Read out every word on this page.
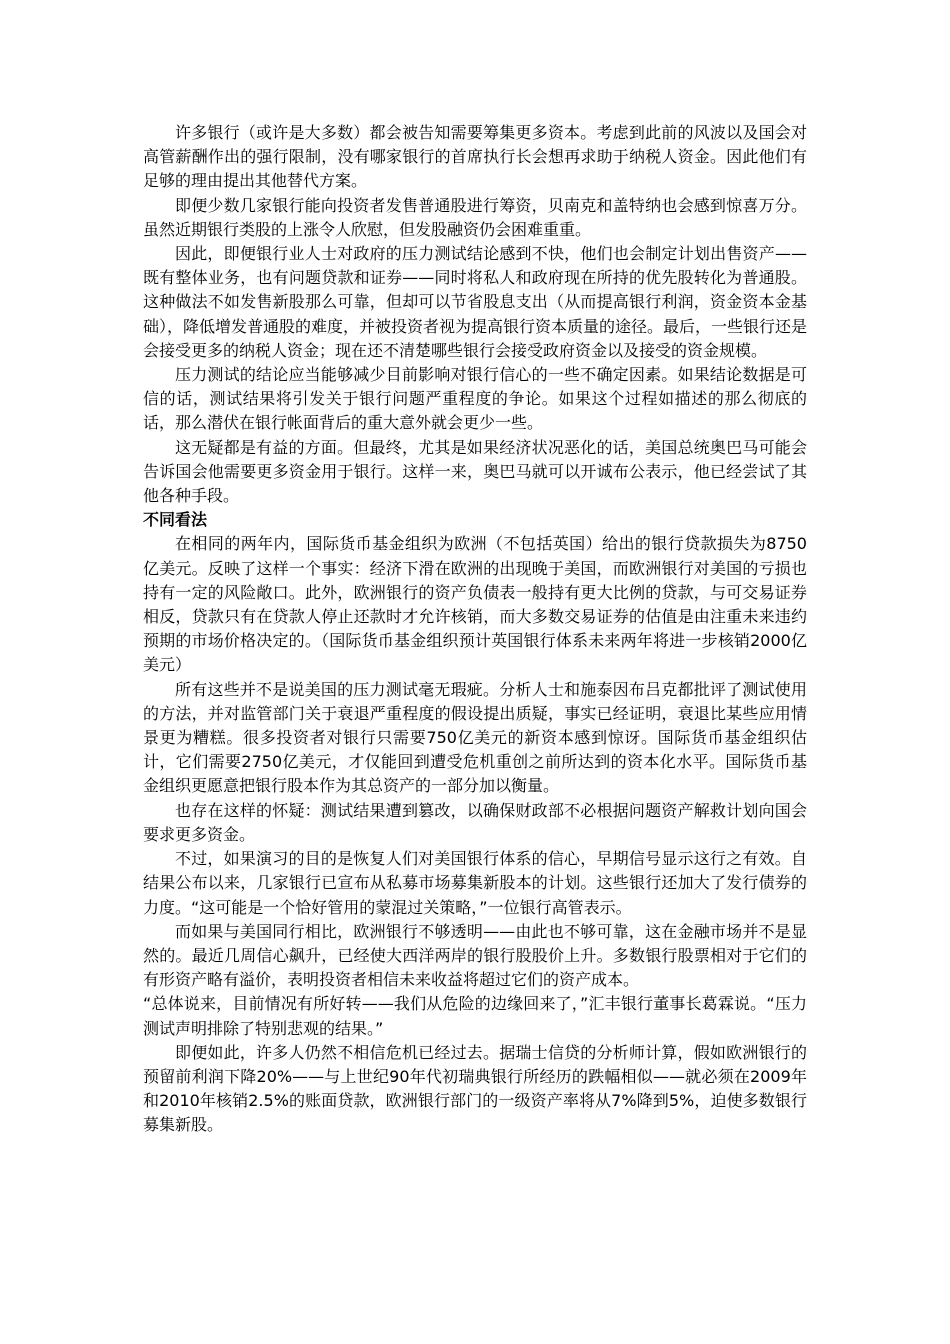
许多银行（或许是大多数）都会被告知需要筹集更多资本。考虑到此前的风波以及国会对高管薪酬作出的强行限制，没有哪家银行的首席执行长会想再求助于纳税人资金。因此他们有足够的理由提出其他替代方案。

即便少数几家银行能向投资者发售普通股进行筹资，贝南克和盖特纳也会感到惊喜万分。虽然近期银行类股的上涨令人欣慰，但发股融资仍会困难重重。

因此，即便银行业人士对政府的压力测试结论感到不快，他们也会制定计划出售资产——既有整体业务，也有问题贷款和证券——同时将私人和政府现在所持的优先股转化为普通股。这种做法不如发售新股那么可靠，但却可以节省股息支出（从而提高银行利润，资金资本金基础），降低增发普通股的难度，并被投资者视为提高银行资本质量的途径。最后，一些银行还是会接受更多的纳税人资金；现在还不清楚哪些银行会接受政府资金以及接受的资金规模。

压力测试的结论应当能够减少目前影响对银行信心的一些不确定因素。如果结论数据是可信的话，测试结果将引发关于银行问题严重程度的争论。如果这个过程如描述的那么彻底的话，那么潜伏在银行帐面背后的重大意外就会更少一些。

这无疑都是有益的方面。但最终，尤其是如果经济状况恶化的话，美国总统奥巴马可能会告诉国会他需要更多资金用于银行。这样一来，奥巴马就可以开诚布公表示，他已经尝试了其他各种手段。

不同看法

在相同的两年内，国际货币基金组织为欧洲（不包括英国）给出的银行贷款损失为8750亿美元。反映了这样一个事实：经济下滑在欧洲的出现晚于美国，而欧洲银行对美国的亏损也持有一定的风险敞口。此外，欧洲银行的资产负债表一般持有更大比例的贷款，与可交易证券相反，贷款只有在贷款人停止还款时才允许核销，而大多数交易证券的估值是由注重未来违约预期的市场价格决定的。（国际货币基金组织预计英国银行体系未来两年将进一步核销2000亿美元）

所有这些并不是说美国的压力测试毫无瑕疵。分析人士和施泰因布吕克都批评了测试使用的方法，并对监管部门关于衰退严重程度的假设提出质疑，事实已经证明，衰退比某些应用情景更为糟糕。很多投资者对银行只需要750亿美元的新资本感到惊讶。国际货币基金组织估计，它们需要2750亿美元，才仅能回到遭受危机重创之前所达到的资本化水平。国际货币基金组织更愿意把银行股本作为其总资产的一部分加以衡量。

也存在这样的怀疑：测试结果遭到篡改，以确保财政部不必根据问题资产解救计划向国会要求更多资金。

不过，如果演习的目的是恢复人们对美国银行体系的信心，早期信号显示这行之有效。自结果公布以来，几家银行已宣布从私募市场募集新股本的计划。这些银行还加大了发行债券的力度。“这可能是一个恰好管用的蒙混过关策略，”一位银行高管表示。

而如果与美国同行相比，欧洲银行不够透明——由此也不够可靠，这在金融市场并不是显然的。最近几周信心飙升，已经使大西洋两岸的银行股股价上升。多数银行股票相对于它们的有形资产略有溢价，表明投资者相信未来收益将超过它们的资产成本。

“总体说来，目前情况有所好转——我们从危险的边缘回来了，”汇丰银行董事长葛霖说。“压力测试声明排除了特别悲观的结果。”

即便如此，许多人仍然不相信危机已经过去。据瑞士信贷的分析师计算，假如欧洲银行的预留前利润下降20%——与上世纪90年代初瑞典银行所经历的跌幅相似——就必须在2009年和2010年核销2.5%的账面贷款，欧洲银行部门的一级资产率将从7%降到5%，迫使多数银行募集新股。
